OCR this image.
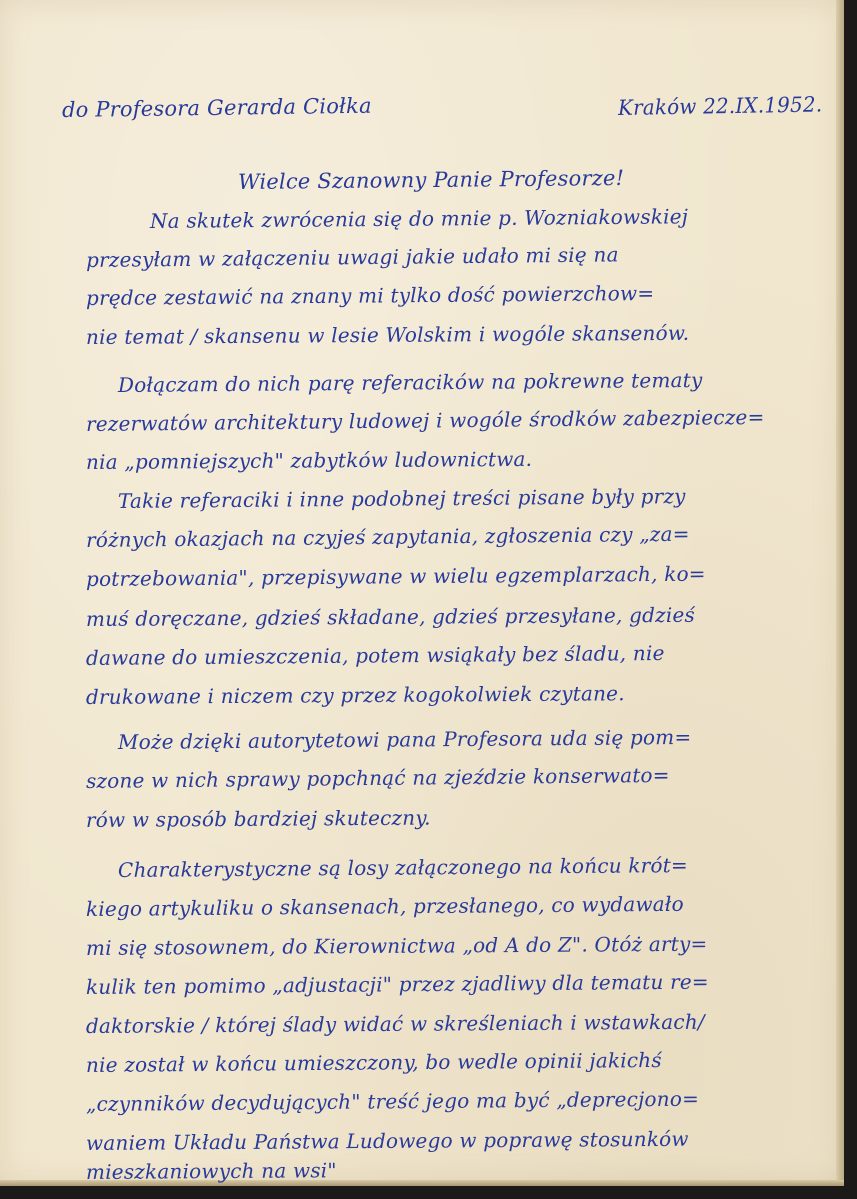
do Profesora Gerarda Ciołka	Kraków 22.IX.1952.
Wielce Szanowny Panie Profesorze!
Na skutek zwrócenia się do mnie p. Wozniakowskiej
przesyłam w załączeniu uwagi jakie udało mi się na
prędce zestawić na znany mi tylko dość powierzchow=
nie temat / skansenu w lesie Wolskim i wogóle skansenów.
Dołączam do nich parę referacików na pokrewne tematy
rezerwatów architektury ludowej i wogóle środków zabezpiecze=
nia „pomniejszych" zabytków ludownictwa.
Takie referaciki i inne podobnej treści pisane były przy
różnych okazjach na czyjeś zapytania, zgłoszenia czy „za=
potrzebowania", przepisywane w wielu egzemplarzach, ko=
muś doręczane, gdzieś składane, gdzieś przesyłane, gdzieś
dawane do umieszczenia, potem wsiąkały bez śladu, nie
drukowane i niczem czy przez kogokolwiek czytane.
Może dzięki autorytetowi pana Profesora uda się pom=
szone w nich sprawy popchnąć na zjeździe konserwato=
rów w sposób bardziej skuteczny.
Charakterystyczne są losy załączonego na końcu krót=
kiego artykuliku o skansenach, przesłanego, co wydawało
mi się stosownem, do Kierownictwa „od A do Z". Otóż arty=
kulik ten pomimo „adjustacji" przez zjadliwy dla tematu re=
daktorskie / której ślady widać w skreśleniach i wstawkach/
nie został w końcu umieszczony, bo wedle opinii jakichś
„czynników decydujących" treść jego ma być „deprecjono=
waniem Układu Państwa Ludowego w poprawę stosunków
mieszkaniowych na wsi"
